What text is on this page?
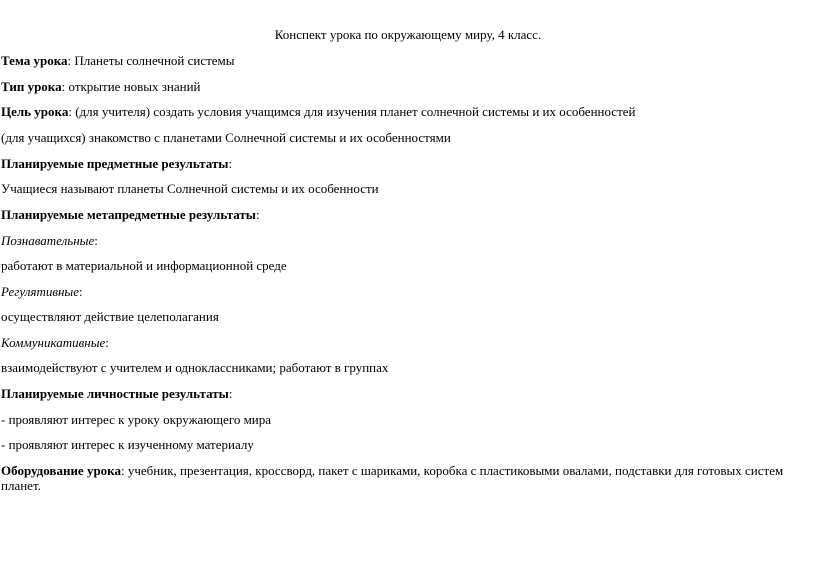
Конспект урока по окружающему миру, 4 класс.
Тема урока: Планеты солнечной системы
Тип урока: открытие новых знаний
Цель урока: (для учителя) создать условия учащимся для изучения планет солнечной системы и их особенностей
(для учащихся) знакомство с планетами Солнечной системы и их особенностями
Планируемые предметные результаты:
Учащиеся называют планеты Солнечной системы и их особенности
Планируемые метапредметные результаты:
Познавательные:
работают в материальной и информационной среде
Регулятивные:
осуществляют действие целеполагания
Коммуникативные:
взаимодействуют с учителем и одноклассниками; работают в группах
Планируемые личностные результаты:
- проявляют интерес к уроку окружающего мира
- проявляют интерес к изученному материалу
Оборудование урока: учебник, презентация, кроссворд, пакет с шариками, коробка с пластиковыми овалами, подставки для готовых систем планет.
